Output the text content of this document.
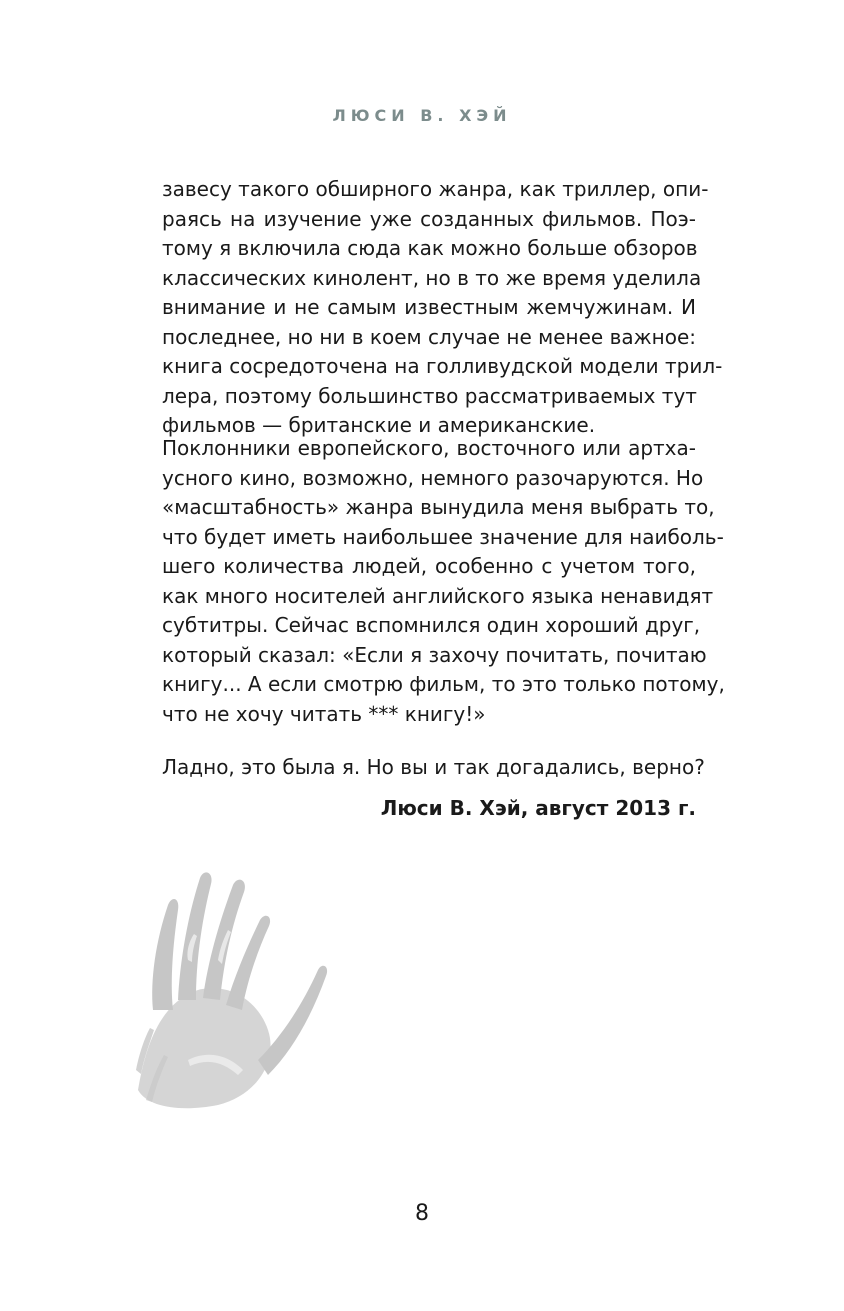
ЛЮСИ В. ХЭЙ
завесу такого обширного жанра, как триллер, опи-
раясь на изучение уже созданных фильмов. Поэ-
тому я включила сюда как можно больше обзоров
классических кинолент, но в то же время уделила
внимание и не самым известным жемчужинам. И
последнее, но ни в коем случае не менее важное:
книга сосредоточена на голливудской модели трил-
лера, поэтому большинство рассматриваемых тут
фильмов — британские и американские.
Поклонники европейского, восточного или артха-
усного кино, возможно, немного разочаруются. Но
«масштабность» жанра вынудила меня выбрать то,
что будет иметь наибольшее значение для наиболь-
шего количества людей, особенно с учетом того,
как много носителей английского языка ненавидят
субтитры. Сейчас вспомнился один хороший друг,
который сказал: «Если я захочу почитать, почитаю
книгу... А если смотрю фильм, то это только потому,
что не хочу читать *** книгу!»
Ладно, это была я. Но вы и так догадались, верно?
Люси В. Хэй, август 2013 г.
8
